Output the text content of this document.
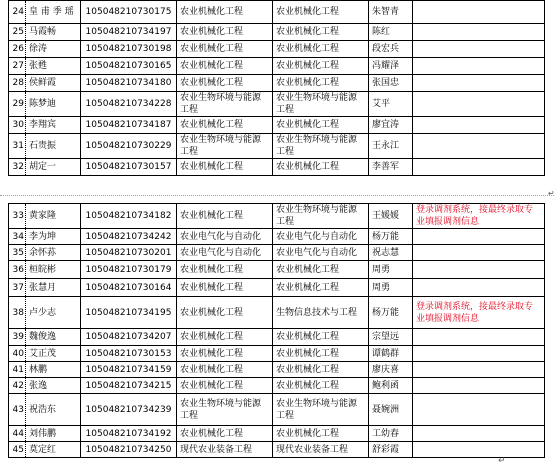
24	皇 甫 季 瑶	105048210730175	农业机械化工程	农业机械化工程	朱智青	
25	马霞畅	105048210734197	农业机械化工程	农业机械化工程	陈红	
26	徐涛	105048210730198	农业机械化工程	农业机械化工程	段宏兵	
27	张甦	105048210730165	农业机械化工程	农业机械化工程	冯耀泽	
28	侯鲜霞	105048210734180	农业机械化工程	农业机械化工程	张国忠	
29	陈梦迪	105048210734228	农业生物环境与能源工程	农业生物环境与能源工程	艾平	
30	李翔宾	105048210734187	农业机械化工程	农业机械化工程	廖宜涛	
31	石贵振	105048210730229	农业生物环境与能源工程	农业生物环境与能源工程	王永江	
32	胡定一	105048210730157	农业机械化工程	农业机械化工程	李善军	
↵
33	黄家隆	105048210734182	农业机械化工程	农业生物环境与能源工程	王媛媛	登录调剂系统，接最终录取专业填报调剂信息
34	李为坤	105048210734242	农业电气化与自动化	农业电气化与自动化	杨万能	
35	余怀荪	105048210730201	农业电气化与自动化	农业电气化与自动化	祝志慧	
36	桓皖彬	105048210730179	农业机械化工程	农业机械化工程	周勇	
37	张慧月	105048210730164	农业机械化工程	农业机械化工程	周勇	
38	卢少志	105048210734195	农业机械化工程	生物信息技术与工程	杨万能	登录调剂系统，接最终录取专业填报调剂信息
39	魏俊逸	105048210734207	农业机械化工程	农业机械化工程	宗望远	
40	艾正茂	105048210730153	农业机械化工程	农业机械化工程	谭鹤群	
41	林鹏	105048210734159	农业机械化工程	农业机械化工程	廖庆喜	
42	张逸	105048210734215	农业机械化工程	农业机械化工程	鲍利函	
43	祝浩东	105048210734239	农业生物环境与能源工程	农业生物环境与能源工程	聂婉洲	
44	刘伟鹏	105048210734192	农业机械化工程	农业机械化工程	工幼春	
45	莫定红	105048210734250	现代农业装备工程	现代农业装备工程	舒彩霞	
↵
